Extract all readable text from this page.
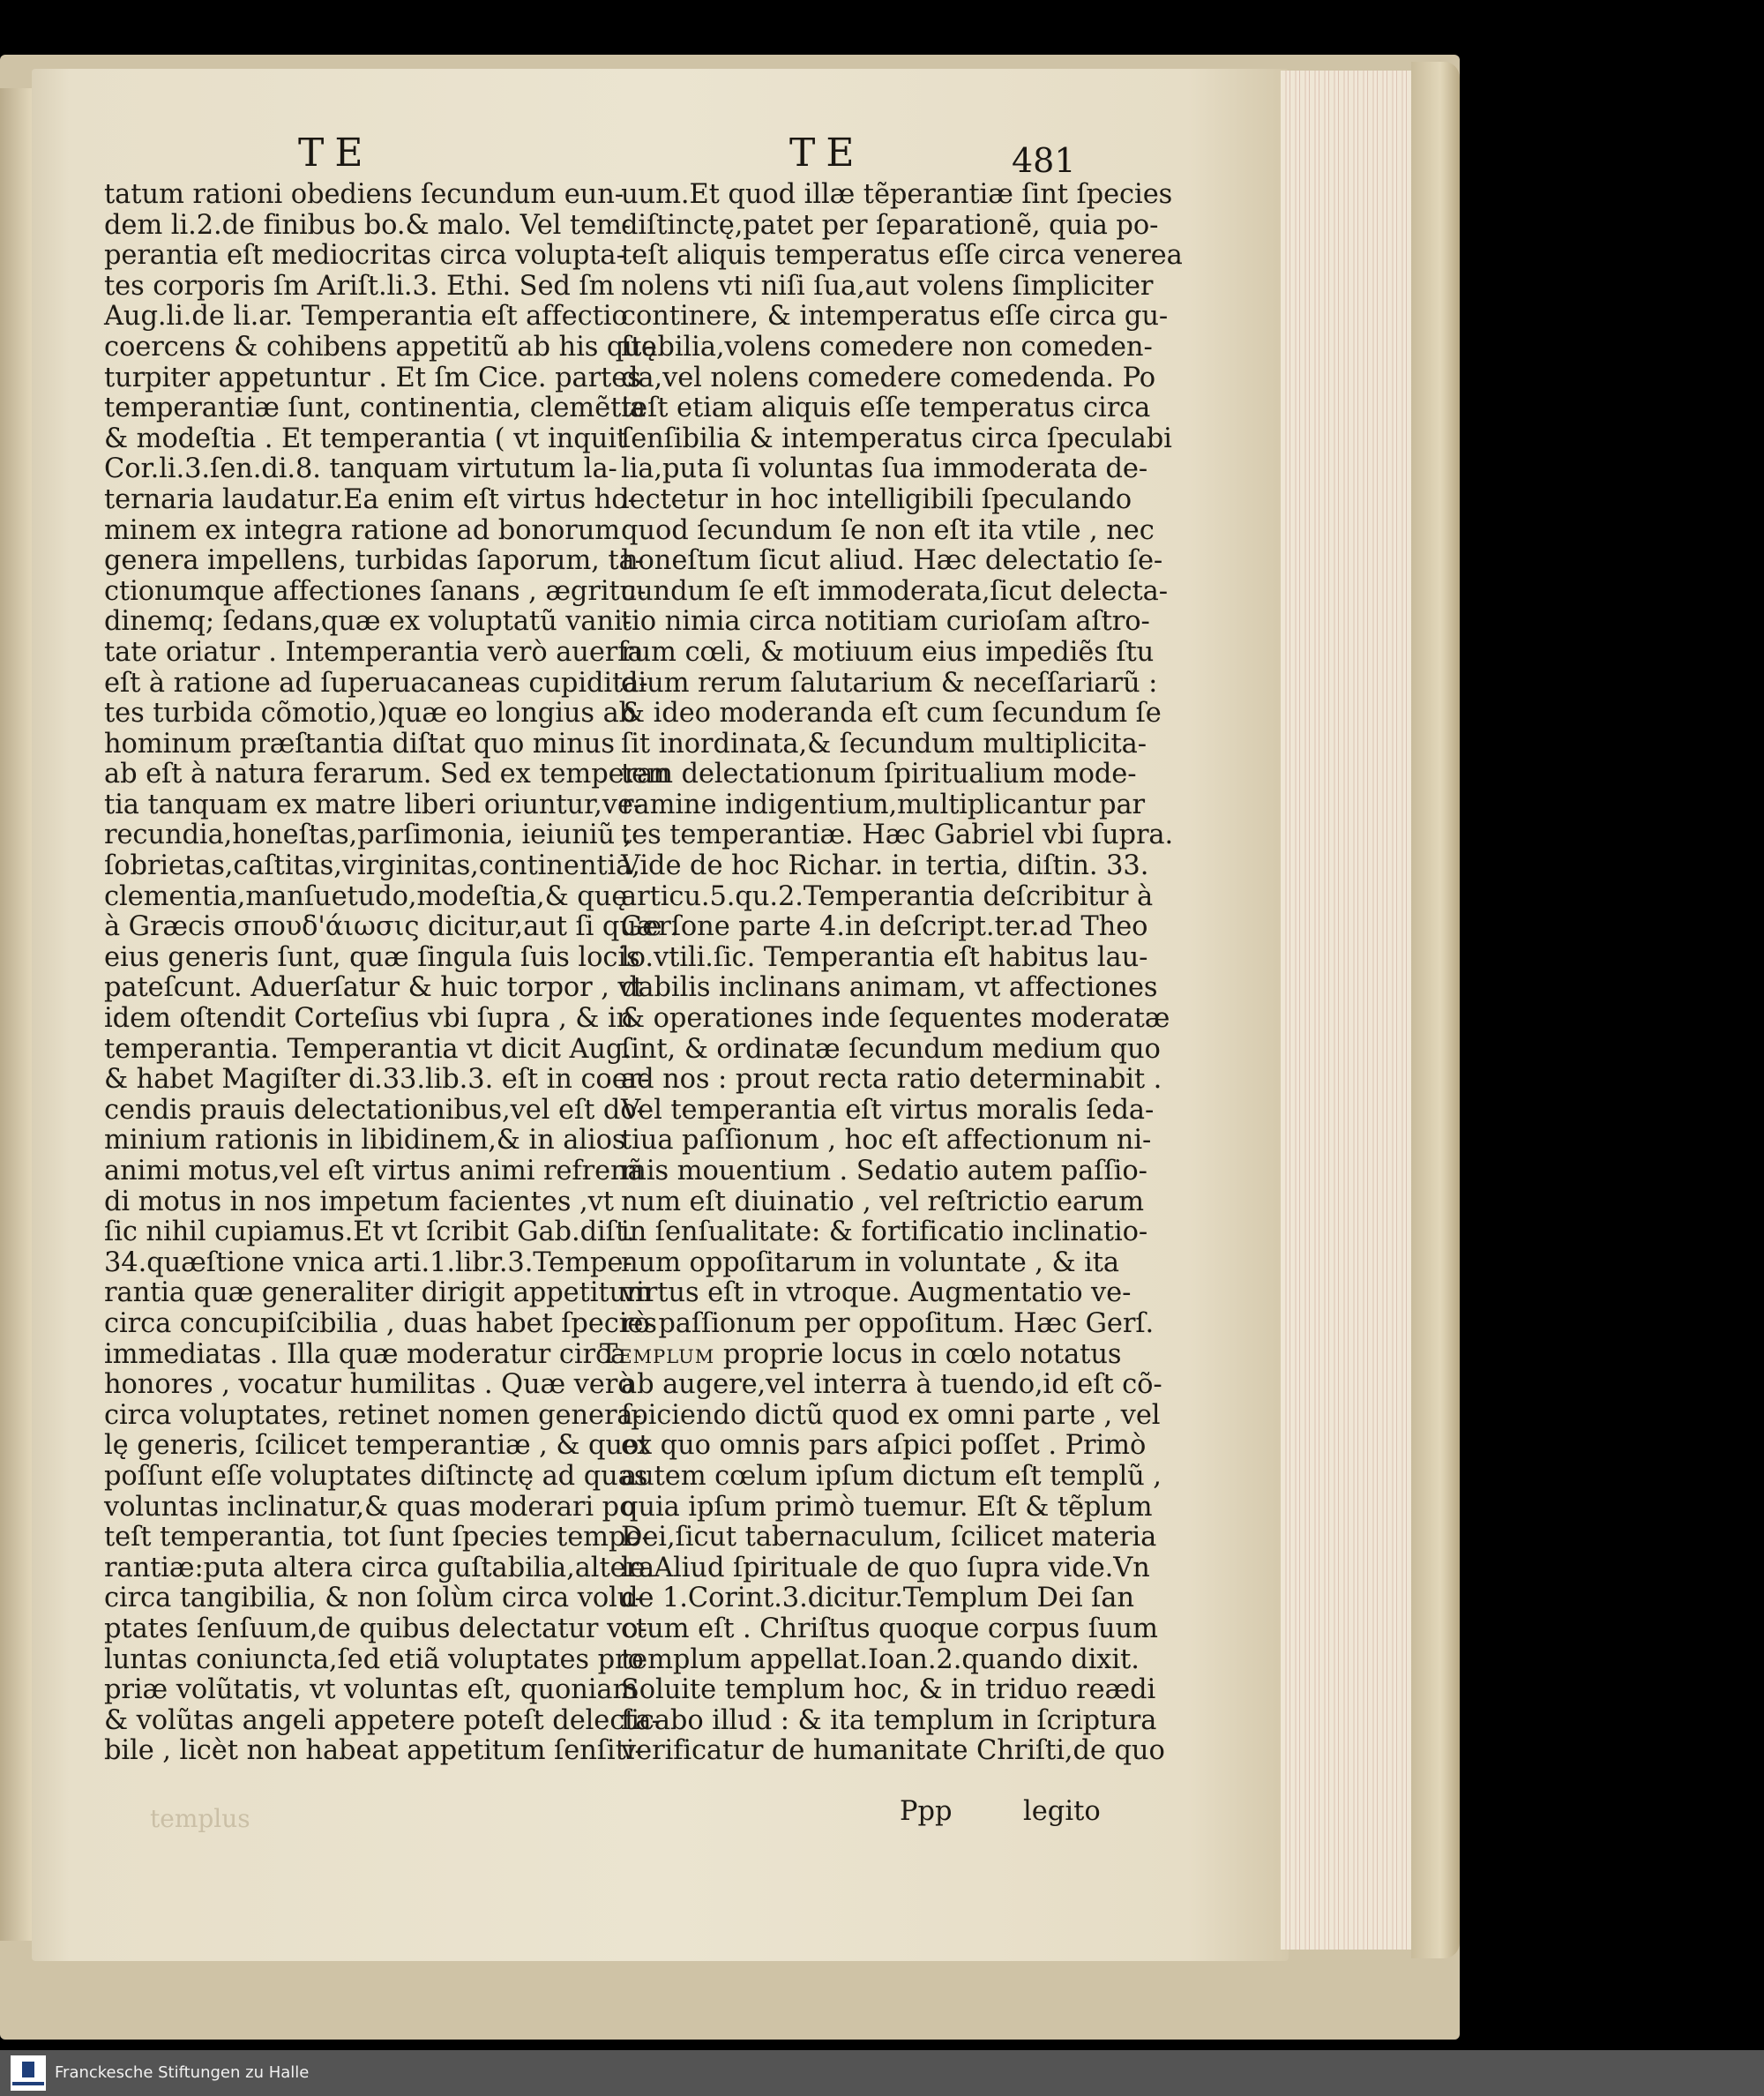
TE	TE	481
tatum rationi obediens ſecundum eun-
dem li.2.de finibus bo.& malo. Vel tem-
perantia eſt mediocritas circa volupta-
tes corporis ſm Ariſt.li.3. Ethi. Sed ſm
Aug.li.de li.ar. Temperantia eſt affectio
coercens & cohibens appetitũ ab his quę
turpiter appetuntur . Et ſm Cice. partes
temperantiæ ſunt, continentia, clemẽtia
& modeſtia . Et temperantia ( vt inquit
Cor.li.3.ſen.di.8. tanquam virtutum la-
ternaria laudatur.Ea enim eſt virtus ho-
minem ex integra ratione ad bonorum
genera impellens, turbidas ſaporum, ta-
ctionumque affectiones ſanans , ægritu-
dinemq; ſedans,quæ ex voluptatũ vani-
tate oriatur . Intemperantia verò auerſa
eſt à ratione ad ſuperuacaneas cupidita-
tes turbida cõmotio,)quæ eo longius ab
hominum præſtantia diſtat quo minus
ab eſt à natura ferarum. Sed ex temperan
tia tanquam ex matre liberi oriuntur,ve-
recundia,honeſtas,parſimonia, ieiuniũ ,
ſobrietas,caſtitas,virginitas,continentia,
clementia,manſuetudo,modeſtia,& quę
à Græcis σπουδ'άιωσις dicitur,aut ſi quæ .
eius generis ſunt, quæ ſingula ſuis locis
pateſcunt. Aduerſatur & huic torpor , vt
idem oſtendit Corteſius vbi ſupra , & in
temperantia. Temperantia vt dicit Aug.
& habet Magiſter di.33.lib.3. eſt in coer-
cendis prauis delectationibus,vel eſt do-
minium rationis in libidinem,& in alios
animi motus,vel eſt virtus animi refrenã
di motus in nos impetum facientes ,vt
ſic nihil cupiamus.Et vt ſcribit Gab.diſt.
34.quæſtione vnica arti.1.libr.3.Tempe-
rantia quæ generaliter dirigit appetitum
circa concupiſcibilia , duas habet ſpecies
immediatas . Illa quæ moderatur circa
honores , vocatur humilitas . Quæ verò
circa voluptates, retinet nomen genera-
lę generis, ſcilicet temperantiæ , & quot
poſſunt eſſe voluptates diſtinctę ad quas
voluntas inclinatur,& quas moderari po
teſt temperantia, tot ſunt ſpecies tempe-
rantiæ:puta altera circa guſtabilia,altera
circa tangibilia, & non ſolùm circa volu-
ptates ſenſuum,de quibus delectatur vo-
luntas coniuncta,ſed etiã voluptates pro
priæ volũtatis, vt voluntas eſt, quoniam
& volũtas angeli appetere poteſt delecta-
bile , licèt non habeat appetitum ſenſiti-
uum.Et quod illæ tẽperantiæ ſint ſpecies
diſtinctę,patet per ſeparationẽ, quia po-
teſt aliquis temperatus eſſe circa venerea
nolens vti niſi ſua,aut volens ſimpliciter
continere, & intemperatus eſſe circa gu-
ſtabilia,volens comedere non comeden-
da,vel nolens comedere comedenda. Po
teſt etiam aliquis eſſe temperatus circa
ſenſibilia & intemperatus circa ſpeculabi
lia,puta ſi voluntas ſua immoderata de-
lectetur in hoc intelligibili ſpeculando
quod ſecundum ſe non eſt ita vtile , nec
honeſtum ſicut aliud. Hæc delectatio ſe-
cundum ſe eſt immoderata,ſicut delecta-
tio nimia circa notitiam curioſam aſtro-
rum cœli, & motiuum eius impediẽs ſtu
dium rerum ſalutarium & neceſſariarũ :
& ideo moderanda eſt cum ſecundum ſe
ſit inordinata,& ſecundum multiplicita-
tem delectationum ſpiritualium mode-
ramine indigentium,multiplicantur par
tes temperantiæ. Hæc Gabriel vbi ſupra.
Vide de hoc Richar. in tertia, diſtin. 33.
articu.5.qu.2.Temperantia deſcribitur à
Gerſone parte 4.in deſcript.ter.ad Theo
lo.vtili.ſic. Temperantia eſt habitus lau-
dabilis inclinans animam, vt affectiones
& operationes inde ſequentes moderatæ
ſint, & ordinatæ ſecundum medium quo
ad nos : prout recta ratio determinabit .
Vel temperantia eſt virtus moralis ſeda-
tiua paſſionum , hoc eſt affectionum ni-
mis mouentium . Sedatio autem paſſio-
num eſt diuinatio , vel reſtrictio earum
in ſenſualitate: & fortificatio inclinatio-
num oppoſitarum in voluntate , & ita
virtus eſt in vtroque. Augmentatio ve-
rò paſſionum per oppoſitum. Hæc Gerſ.
Templum proprie locus in cœlo notatus
ab augere,vel interra à tuendo,id eſt cõ-
ſpiciendo dictũ quod ex omni parte , vel
ex quo omnis pars aſpici poſſet . Primò
autem cœlum ipſum dictum eſt templũ ,
quia ipſum primò tuemur. Eſt & tẽplum
Dei,ſicut tabernaculum, ſcilicet materia
le.Aliud ſpirituale de quo ſupra vide.Vn
de 1.Corint.3.dicitur.Templum Dei ſan
ctum eſt . Chriſtus quoque corpus ſuum
templum appellat.Ioan.2.quando dixit.
Soluite templum hoc, & in triduo reædi
ficabo illud : & ita templum in ſcriptura
verificatur de humanitate Chriſti,de quo
Ppp	legito
templus
Franckesche Stiftungen zu Halle
